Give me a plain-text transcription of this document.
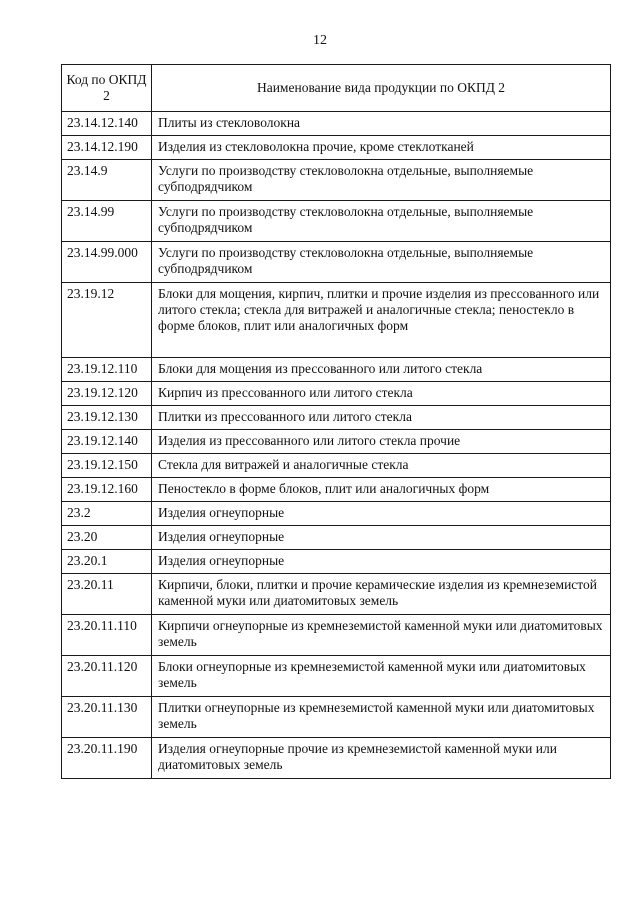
12
Код по ОКПД 2	Наименование вида продукции по ОКПД 2
23.14.12.140	Плиты из стекловолокна
23.14.12.190	Изделия из стекловолокна прочие, кроме стеклотканей
23.14.9	Услуги по производству стекловолокна отдельные, выполняемые субподрядчиком
23.14.99	Услуги по производству стекловолокна отдельные, выполняемые субподрядчиком
23.14.99.000	Услуги по производству стекловолокна отдельные, выполняемые субподрядчиком
23.19.12	Блоки для мощения, кирпич, плитки и прочие изделия из прессованного или литого стекла; стекла для витражей и аналогичные стекла; пеностекло в форме блоков, плит или аналогичных форм
23.19.12.110	Блоки для мощения из прессованного или литого стекла
23.19.12.120	Кирпич из прессованного или литого стекла
23.19.12.130	Плитки из прессованного или литого стекла
23.19.12.140	Изделия из прессованного или литого стекла прочие
23.19.12.150	Стекла для витражей и аналогичные стекла
23.19.12.160	Пеностекло в форме блоков, плит или аналогичных форм
23.2	Изделия огнеупорные
23.20	Изделия огнеупорные
23.20.1	Изделия огнеупорные
23.20.11	Кирпичи, блоки, плитки и прочие керамические изделия из кремнеземистой каменной муки или диатомитовых земель
23.20.11.110	Кирпичи огнеупорные из кремнеземистой каменной муки или диатомитовых земель
23.20.11.120	Блоки огнеупорные из кремнеземистой каменной муки или диатомитовых земель
23.20.11.130	Плитки огнеупорные из кремнеземистой каменной муки или диатомитовых земель
23.20.11.190	Изделия огнеупорные прочие из кремнеземистой каменной муки или диатомитовых земель
